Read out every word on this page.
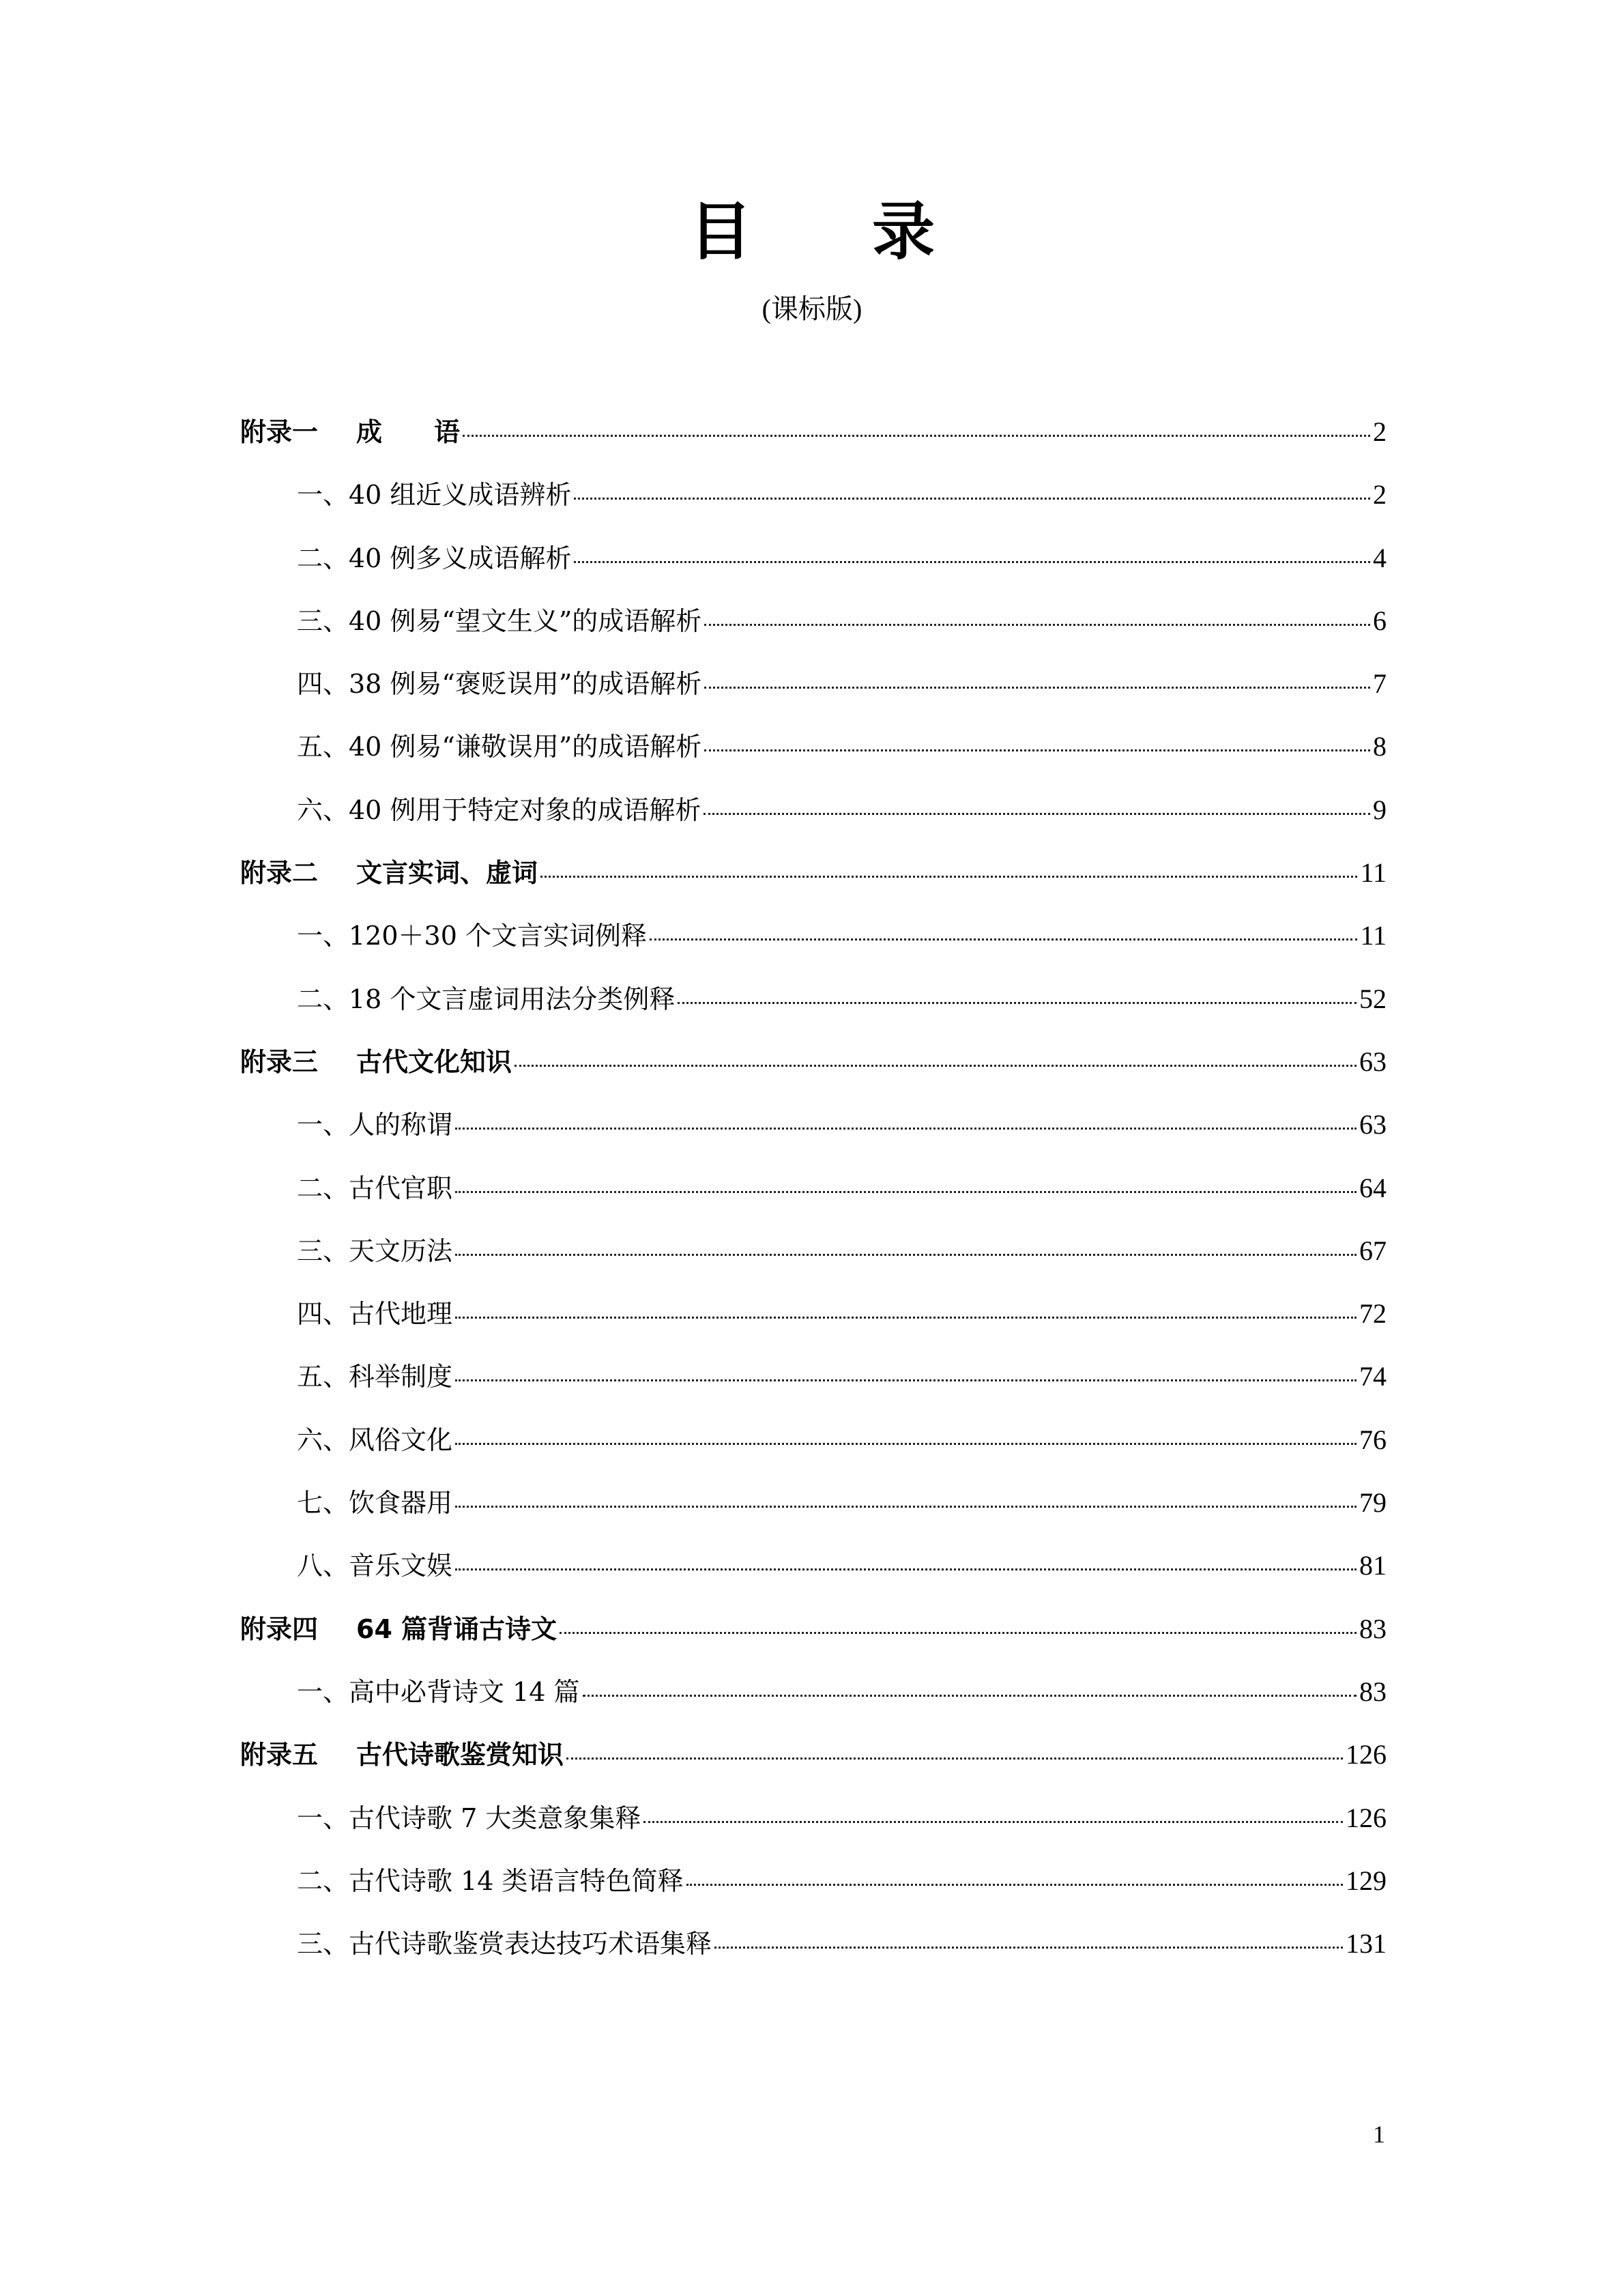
目 录
(课标版)
附录一 成　　语	2
一、40 组近义成语辨析	2
二、40 例多义成语解析	4
三、40 例易“望文生义”的成语解析	6
四、38 例易“褒贬误用”的成语解析	7
五、40 例易“谦敬误用”的成语解析	8
六、40 例用于特定对象的成语解析	9
附录二 文言实词、虚词	11
一、120＋30 个文言实词例释	11
二、18 个文言虚词用法分类例释	52
附录三 古代文化知识	63
一、人的称谓	63
二、古代官职	64
三、天文历法	67
四、古代地理	72
五、科举制度	74
六、风俗文化	76
七、饮食器用	79
八、音乐文娱	81
附录四 64 篇背诵古诗文	83
一、高中必背诗文 14 篇	83
附录五 古代诗歌鉴赏知识	126
一、古代诗歌 7 大类意象集释	126
二、古代诗歌 14 类语言特色简释	129
三、古代诗歌鉴赏表达技巧术语集释	131
1
